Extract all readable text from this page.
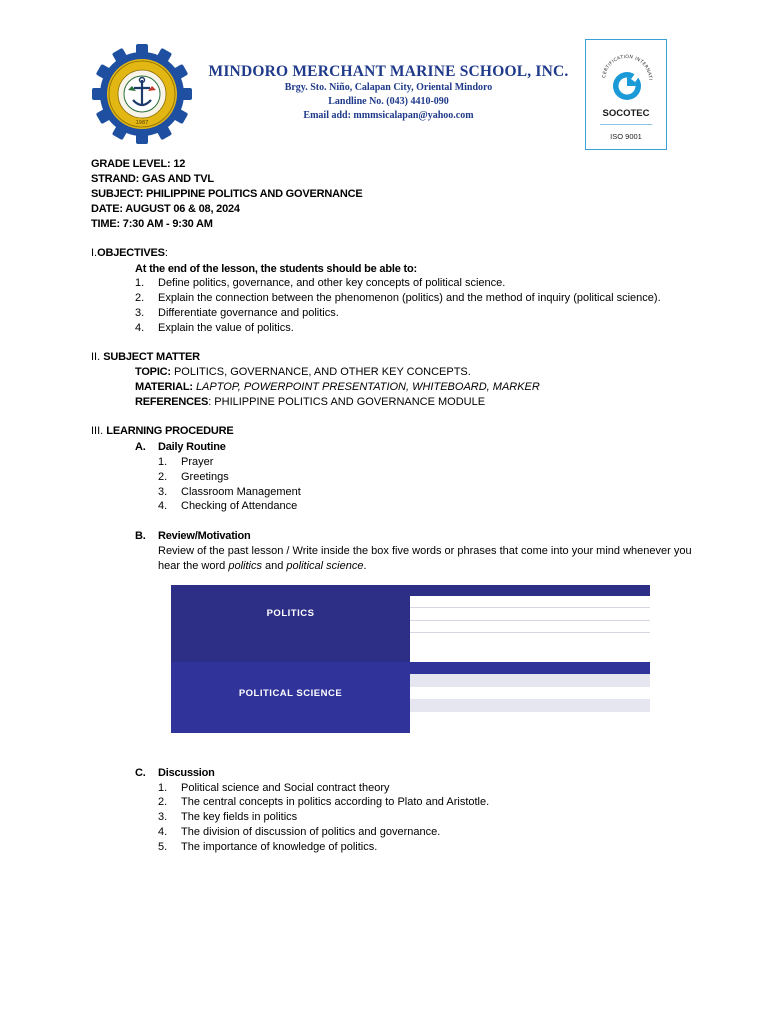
1987
MINDORO MERCHANT MARINE SCHOOL, INC.
Brgy. Sto. Niño, Calapan City, Oriental Mindoro
Landline No. (043) 4410-090
Email add: mmmsicalapan@yahoo.com
CERTIFICATION INTERNATI
SOCOTEC
ISO 9001
GRADE LEVEL: 12
STRAND: GAS AND TVL
SUBJECT: PHILIPPINE POLITICS AND GOVERNANCE
DATE: AUGUST 06 & 08, 2024
TIME: 7:30 AM - 9:30 AM
I.OBJECTIVES:
At the end of the lesson, the students should be able to:
1. Define politics, governance, and other key concepts of political science.
2. Explain the connection between the phenomenon (politics) and the method of inquiry (political science).
3. Differentiate governance and politics.
4. Explain the value of politics.
II. SUBJECT MATTER
TOPIC: POLITICS, GOVERNANCE, AND OTHER KEY CONCEPTS.
MATERIAL: LAPTOP, POWERPOINT PRESENTATION, WHITEBOARD, MARKER
REFERENCES: PHILIPPINE POLITICS AND GOVERNANCE MODULE
III. LEARNING PROCEDURE
A. Daily Routine
1. Prayer
2. Greetings
3. Classroom Management
4. Checking of Attendance
B. Review/Motivation
Review of the past lesson / Write inside the box five words or phrases that come into your mind whenever you
hear the word politics and political science.
POLITICS
POLITICAL SCIENCE
C. Discussion
1. Political science and Social contract theory
2. The central concepts in politics according to Plato and Aristotle.
3. The key fields in politics
4. The division of discussion of politics and governance.
5. The importance of knowledge of politics.
